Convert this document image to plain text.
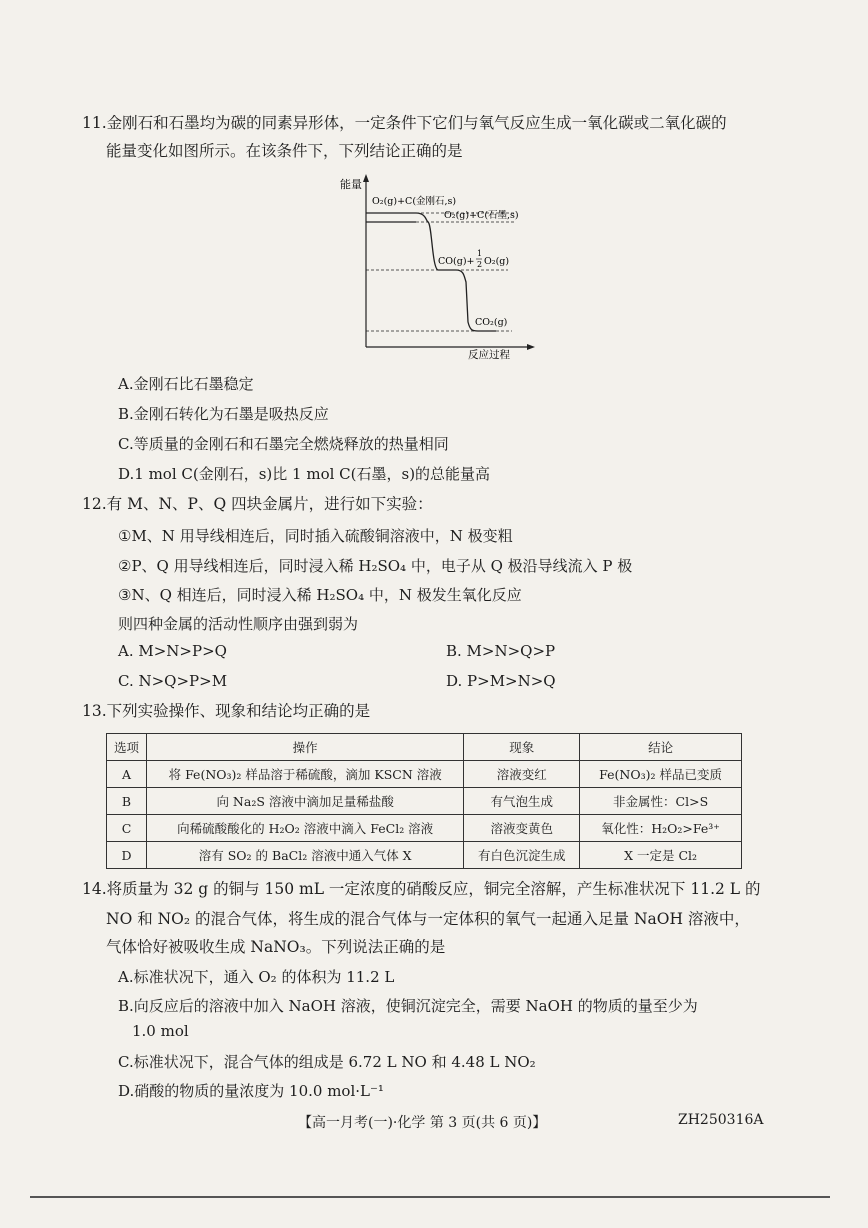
11.金刚石和石墨均为碳的同素异形体，一定条件下它们与氧气反应生成一氧化碳或二氧化碳的
能量变化如图所示。在该条件下，下列结论正确的是
能量
反应过程
O₂(g)+C(金刚石,s)
O₂(g)+C(石墨,s)
CO(g)+
1
2 O₂(g)
CO₂(g)
A.金刚石比石墨稳定
B.金刚石转化为石墨是吸热反应
C.等质量的金刚石和石墨完全燃烧释放的热量相同
D.1 mol C(金刚石，s)比 1 mol C(石墨，s)的总能量高
12.有 M、N、P、Q 四块金属片，进行如下实验：
①M、N 用导线相连后，同时插入硫酸铜溶液中，N 极变粗
②P、Q 用导线相连后，同时浸入稀 H₂SO₄ 中，电子从 Q 极沿导线流入 P 极
③N、Q 相连后，同时浸入稀 H₂SO₄ 中，N 极发生氧化反应
则四种金属的活动性顺序由强到弱为
A. M>N>P>Q	B. M>N>Q>P
C. N>Q>P>M	D. P>M>N>Q
13.下列实验操作、现象和结论均正确的是
选项	操作	现象	结论
A	将 Fe(NO₃)₂ 样品溶于稀硫酸，滴加 KSCN 溶液	溶液变红	Fe(NO₃)₂ 样品已变质
B	向 Na₂S 溶液中滴加足量稀盐酸	有气泡生成	非金属性：Cl>S
C	向稀硫酸酸化的 H₂O₂ 溶液中滴入 FeCl₂ 溶液	溶液变黄色	氧化性：H₂O₂>Fe³⁺
D	溶有 SO₂ 的 BaCl₂ 溶液中通入气体 X	有白色沉淀生成	X 一定是 Cl₂
14.将质量为 32 g 的铜与 150 mL 一定浓度的硝酸反应，铜完全溶解，产生标准状况下 11.2 L 的
NO 和 NO₂ 的混合气体，将生成的混合气体与一定体积的氧气一起通入足量 NaOH 溶液中，
气体恰好被吸收生成 NaNO₃。下列说法正确的是
A.标准状况下，通入 O₂ 的体积为 11.2 L
B.向反应后的溶液中加入 NaOH 溶液，使铜沉淀完全，需要 NaOH 的物质的量至少为
1.0 mol
C.标准状况下，混合气体的组成是 6.72 L NO 和 4.48 L NO₂
D.硝酸的物质的量浓度为 10.0 mol·L⁻¹
【高一月考(一)·化学 第 3 页(共 6 页)】	ZH250316A
